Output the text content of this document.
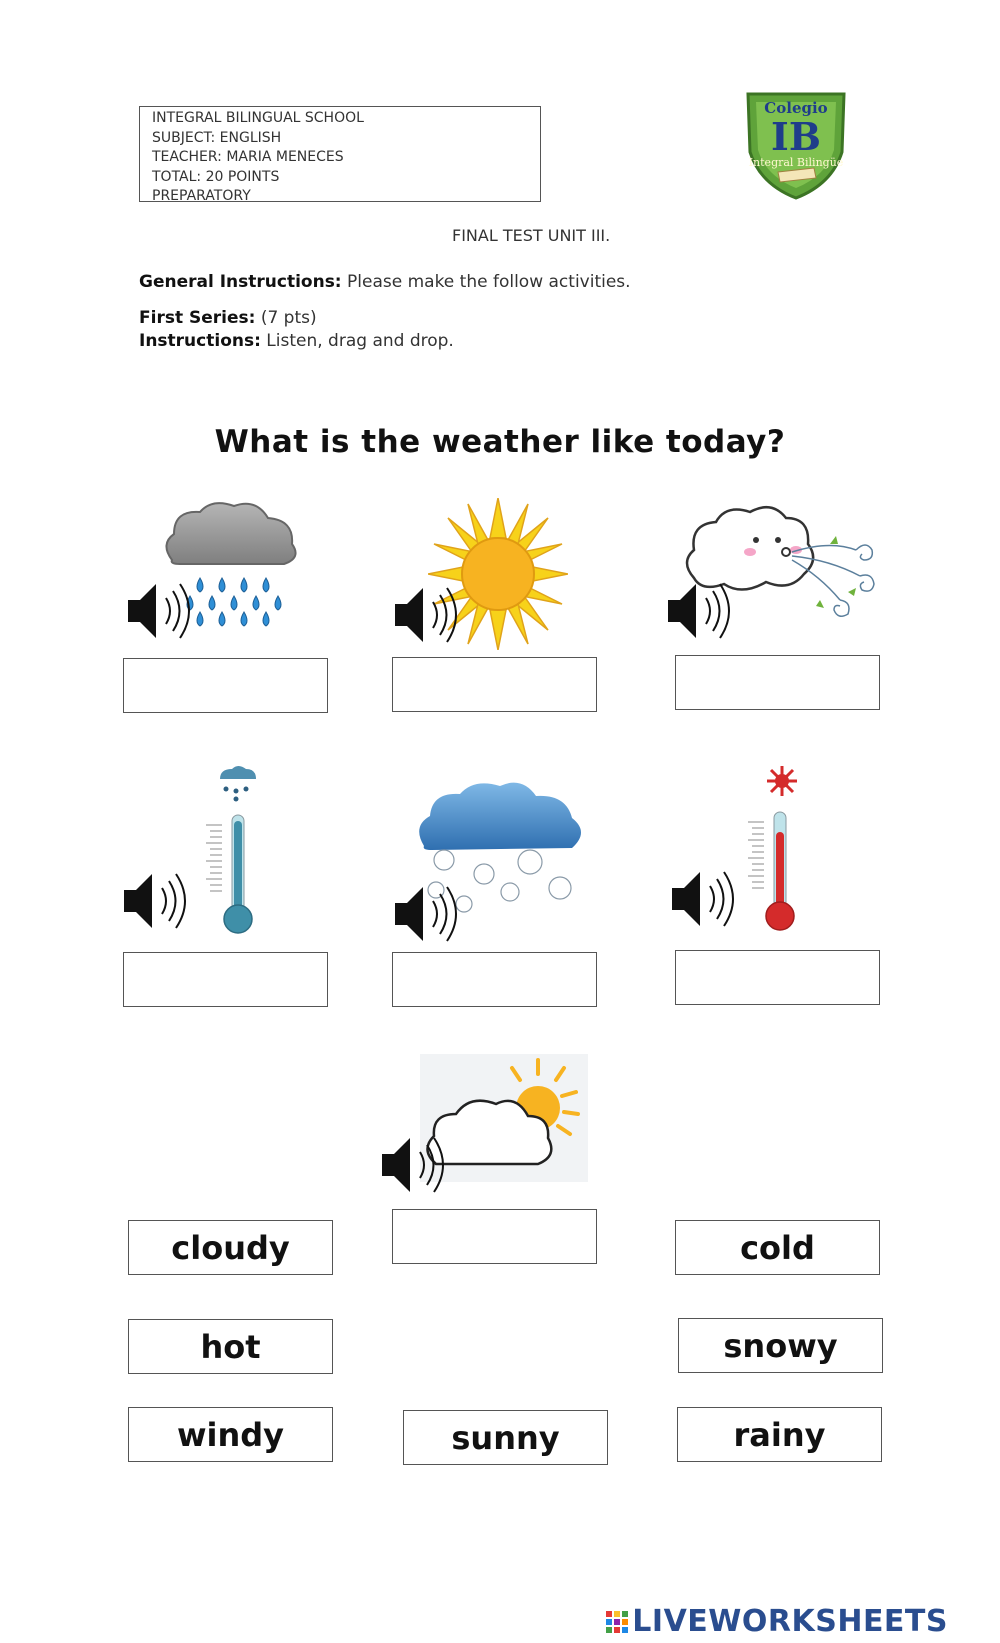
INTEGRAL BILINGUAL SCHOOL
SUBJECT: ENGLISH
TEACHER: MARIA MENECES
TOTAL: 20 POINTS
PREPARATORY
Colegio
IB
Integral Bilingüe
FINAL TEST UNIT III.
General Instructions: Please make the follow activities.
First Series: (7 pts)
Instructions: Listen, drag and drop.
What is the weather like today?
cloudy	cold
hot	snowy
windy	sunny	rainy
LIVEWORKSHEETS
